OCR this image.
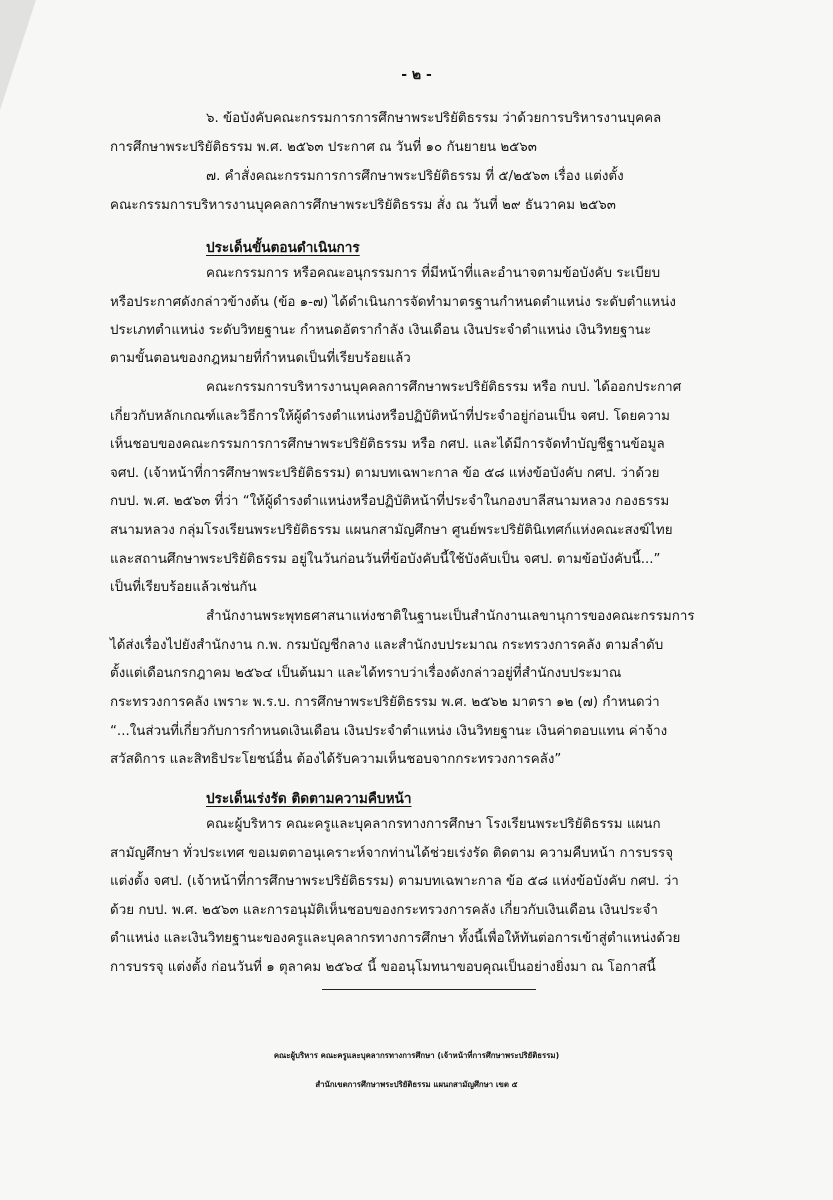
- ๒ -
๖. ข้อบังคับคณะกรรมการการศึกษาพระปริยัติธรรม ว่าด้วยการบริหารงานบุคคล
การศึกษาพระปริยัติธรรม พ.ศ. ๒๕๖๓ ประกาศ ณ วันที่ ๑๐ กันยายน ๒๕๖๓
๗. คำสั่งคณะกรรมการการศึกษาพระปริยัติธรรม ที่ ๕/๒๕๖๓ เรื่อง แต่งตั้ง
คณะกรรมการบริหารงานบุคคลการศึกษาพระปริยัติธรรม สั่ง ณ วันที่ ๒๙ ธันวาคม ๒๕๖๓
ประเด็นขั้นตอนดำเนินการ
คณะกรรมการ หรือคณะอนุกรรมการ ที่มีหน้าที่และอำนาจตามข้อบังคับ ระเบียบ
หรือประกาศดังกล่าวข้างต้น (ข้อ ๑-๗) ได้ดำเนินการจัดทำมาตรฐานกำหนดตำแหน่ง ระดับตำแหน่ง
ประเภทตำแหน่ง ระดับวิทยฐานะ กำหนดอัตรากำลัง เงินเดือน เงินประจำตำแหน่ง เงินวิทยฐานะ
ตามขั้นตอนของกฎหมายที่กำหนดเป็นที่เรียบร้อยแล้ว
คณะกรรมการบริหารงานบุคคลการศึกษาพระปริยัติธรรม หรือ กบป. ได้ออกประกาศ
เกี่ยวกับหลักเกณฑ์และวิธีการให้ผู้ดำรงตำแหน่งหรือปฏิบัติหน้าที่ประจำอยู่ก่อนเป็น จศป. โดยความ
เห็นชอบของคณะกรรมการการศึกษาพระปริยัติธรรม หรือ กศป. และได้มีการจัดทำบัญชีฐานข้อมูล
จศป. (เจ้าหน้าที่การศึกษาพระปริยัติธรรม) ตามบทเฉพาะกาล ข้อ ๕๘ แห่งข้อบังคับ กศป. ว่าด้วย
กบป. พ.ศ. ๒๕๖๓ ที่ว่า “ให้ผู้ดำรงตำแหน่งหรือปฏิบัติหน้าที่ประจำในกองบาลีสนามหลวง กองธรรม
สนามหลวง กลุ่มโรงเรียนพระปริยัติธรรม แผนกสามัญศึกษา ศูนย์พระปริยัตินิเทศก์แห่งคณะสงฆ์ไทย
และสถานศึกษาพระปริยัติธรรม อยู่ในวันก่อนวันที่ข้อบังคับนี้ใช้บังคับเป็น จศป. ตามข้อบังคับนี้...”
เป็นที่เรียบร้อยแล้วเช่นกัน
สำนักงานพระพุทธศาสนาแห่งชาติในฐานะเป็นสำนักงานเลขานุการของคณะกรรมการ
ได้ส่งเรื่องไปยังสำนักงาน ก.พ. กรมบัญชีกลาง และสำนักงบประมาณ กระทรวงการคลัง ตามลำดับ
ตั้งแต่เดือนกรกฎาคม ๒๕๖๔ เป็นต้นมา และได้ทราบว่าเรื่องดังกล่าวอยู่ที่สำนักงบประมาณ
กระทรวงการคลัง เพราะ พ.ร.บ. การศึกษาพระปริยัติธรรม พ.ศ. ๒๕๖๒ มาตรา ๑๒ (๗) กำหนดว่า
“...ในส่วนที่เกี่ยวกับการกำหนดเงินเดือน เงินประจำตำแหน่ง เงินวิทยฐานะ เงินค่าตอบแทน ค่าจ้าง
สวัสดิการ และสิทธิประโยชน์อื่น ต้องได้รับความเห็นชอบจากกระทรวงการคลัง”
ประเด็นเร่งรัด ติดตามความคืบหน้า
คณะผู้บริหาร คณะครูและบุคลากรทางการศึกษา โรงเรียนพระปริยัติธรรม แผนก
สามัญศึกษา ทั่วประเทศ ขอเมตตาอนุเคราะห์จากท่านได้ช่วยเร่งรัด ติดตาม ความคืบหน้า การบรรจุ
แต่งตั้ง จศป. (เจ้าหน้าที่การศึกษาพระปริยัติธรรม) ตามบทเฉพาะกาล ข้อ ๕๘ แห่งข้อบังคับ กศป. ว่า
ด้วย กบป. พ.ศ. ๒๕๖๓ และการอนุมัติเห็นชอบของกระทรวงการคลัง เกี่ยวกับเงินเดือน เงินประจำ
ตำแหน่ง และเงินวิทยฐานะของครูและบุคลากรทางการศึกษา ทั้งนี้เพื่อให้ทันต่อการเข้าสู่ตำแหน่งด้วย
การบรรจุ แต่งตั้ง ก่อนวันที่ ๑ ตุลาคม ๒๕๖๔ นี้ ขออนุโมทนาขอบคุณเป็นอย่างยิ่งมา ณ โอกาสนี้
คณะผู้บริหาร คณะครูและบุคลากรทางการศึกษา (เจ้าหน้าที่การศึกษาพระปริยัติธรรม)
สำนักเขตการศึกษาพระปริยัติธรรม แผนกสามัญศึกษา เขต ๕
